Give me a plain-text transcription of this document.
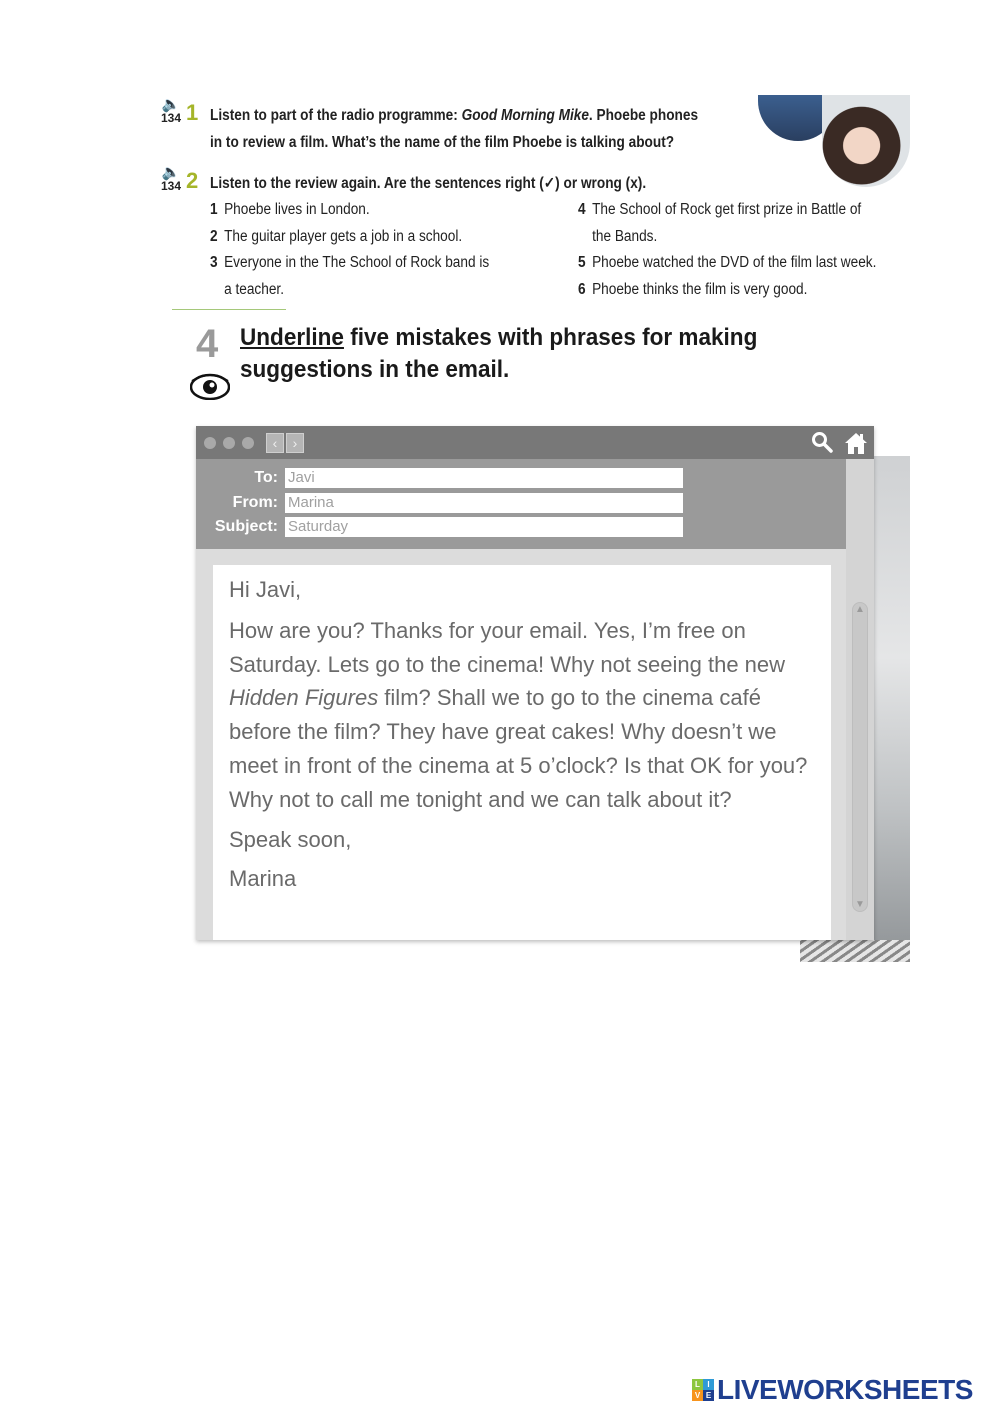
🔈
134 1 Listen to part of the radio programme: Good Morning Mike. Phoebe phones
in to review a film. What’s the name of the film Phoebe is talking about?
🔈
134 2 Listen to the review again. Are the sentences right (✓) or wrong (x).
1 Phoebe lives in London.
2 The guitar player gets a job in a school.
3 Everyone in the The School of Rock band is
a teacher.
4 The School of Rock get first prize in Battle of
the Bands.
5 Phoebe watched the DVD of the film last week.
6 Phoebe thinks the film is very good.
4 Underline five mistakes with phrases for making
suggestions in the email.
‹	›
To: Javi
From: Marina
Subject: Saturday
▲
▼

Hi Javi,

How are you? Thanks for your email. Yes, I’m free on Saturday. Lets go to the cinema! Why not seeing the new Hidden Figures film? Shall we to go to the cinema café before the film? They have great cakes! Why doesn’t we meet in front of the cinema at 5 o’clock? Is that OK for you? Why not to call me tonight and we can talk about it?

Speak soon,

Marina

L I
V E LIVEWORKSHEETS
